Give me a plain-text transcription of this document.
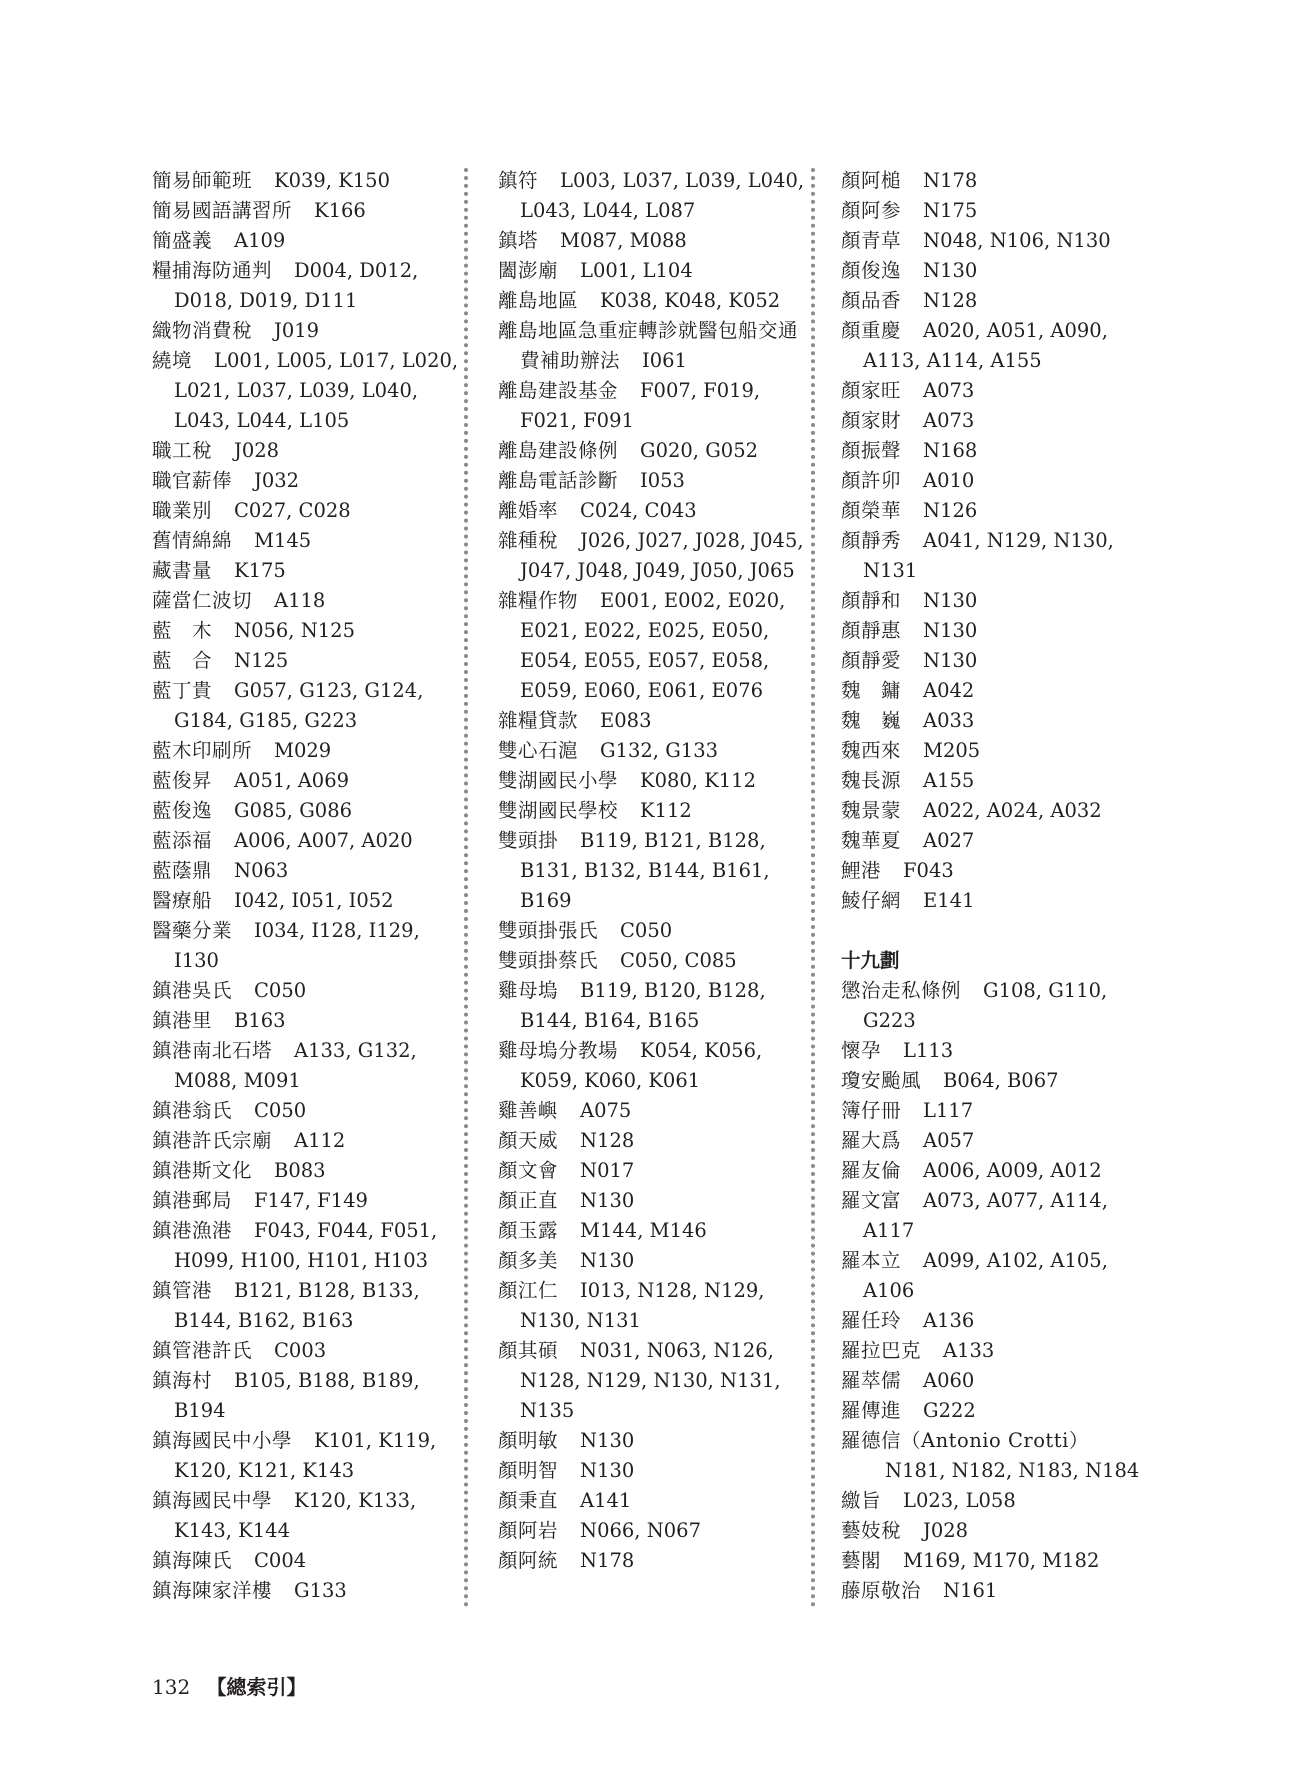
簡易師範班 K039, K150
簡易國語講習所 K166
簡盛義 A109
糧捕海防通判 D004, D012, D018, D019, D111
織物消費稅 J019
繞境 L001, L005, L017, L020, L021, L037, L039, L040, L043, L044, L105
職工稅 J028
職官薪俸 J032
職業別 C027, C028
舊情綿綿 M145
藏書量 K175
薩當仁波切 A118
藍　木 N056, N125
藍　合 N125
藍丁貴 G057, G123, G124, G184, G185, G223
藍木印刷所 M029
藍俊昇 A051, A069
藍俊逸 G085, G086
藍添福 A006, A007, A020
藍蔭鼎 N063
醫療船 I042, I051, I052
醫藥分業 I034, I128, I129, I130
鎮港吳氏 C050
鎮港里 B163
鎮港南北石塔 A133, G132, M088, M091
鎮港翁氏 C050
鎮港許氏宗廟 A112
鎮港斯文化 B083
鎮港郵局 F147, F149
鎮港漁港 F043, F044, F051, H099, H100, H101, H103
鎮管港 B121, B128, B133, B144, B162, B163
鎮管港許氏 C003
鎮海村 B105, B188, B189, B194
鎮海國民中小學 K101, K119, K120, K121, K143
鎮海國民中學 K120, K133, K143, K144
鎮海陳氏 C004
鎮海陳家洋樓 G133
鎮符 L003, L037, L039, L040, L043, L044, L087
鎮塔 M087, M088
闔澎廟 L001, L104
離島地區 K038, K048, K052
離島地區急重症轉診就醫包船交通費補助辦法 I061
離島建設基金 F007, F019, F021, F091
離島建設條例 G020, G052
離島電話診斷 I053
離婚率 C024, C043
雜種稅 J026, J027, J028, J045, J047, J048, J049, J050, J065
雜糧作物 E001, E002, E020, E021, E022, E025, E050, E054, E055, E057, E058, E059, E060, E061, E076
雜糧貸款 E083
雙心石滬 G132, G133
雙湖國民小學 K080, K112
雙湖國民學校 K112
雙頭掛 B119, B121, B128, B131, B132, B144, B161, B169
雙頭掛張氏 C050
雙頭掛蔡氏 C050, C085
雞母塢 B119, B120, B128, B144, B164, B165
雞母塢分教場 K054, K056, K059, K060, K061
雞善嶼 A075
顏天威 N128
顏文會 N017
顏正直 N130
顏玉露 M144, M146
顏多美 N130
顏江仁 I013, N128, N129, N130, N131
顏其碩 N031, N063, N126, N128, N129, N130, N131, N135
顏明敏 N130
顏明智 N130
顏秉直 A141
顏阿岩 N066, N067
顏阿統 N178
顏阿槌 N178
顏阿参 N175
顏青草 N048, N106, N130
顏俊逸 N130
顏品香 N128
顏重慶 A020, A051, A090, A113, A114, A155
顏家旺 A073
顏家財 A073
顏振聲 N168
顏許卯 A010
顏榮華 N126
顏靜秀 A041, N129, N130, N131
顏靜和 N130
顏靜惠 N130
顏靜愛 N130
魏　鏞 A042
魏　巍 A033
魏西來 M205
魏長源 A155
魏景蒙 A022, A024, A032
魏華夏 A027
鯉港 F043
鯪仔網 E141
十九劃
懲治走私條例 G108, G110, G223
懷孕 L113
瓊安颱風 B064, B067
簿仔冊 L117
羅大爲 A057
羅友倫 A006, A009, A012
羅文富 A073, A077, A114, A117
羅本立 A099, A102, A105, A106
羅任玲 A136
羅拉巴克 A133
羅萃儒 A060
羅傳進 G222
羅德信（Antonio Crotti）N181, N182, N183, N184
繳旨 L023, L058
藝妓稅 J028
藝閣 M169, M170, M182
藤原敬治 N161
132 【總索引】
